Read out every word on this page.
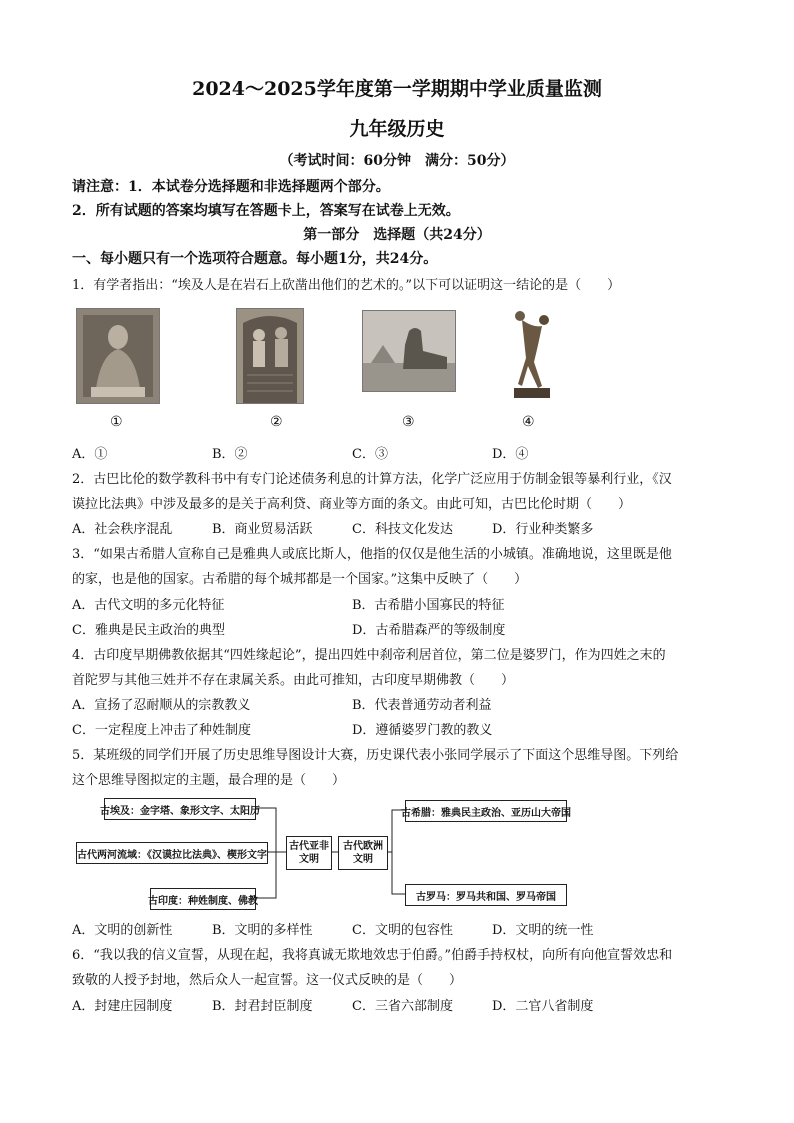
2024～2025学年度第一学期期中学业质量监测
九年级历史
（考试时间：60分钟　满分：50分）
请注意：1．本试卷分选择题和非选择题两个部分。
2．所有试题的答案均填写在答题卡上，答案写在试卷上无效。
第一部分　选择题（共24分）
一、每小题只有一个选项符合题意。每小题1分，共24分。
1．有学者指出：“埃及人是在岩石上砍凿出他们的艺术的。”以下可以证明这一结论的是（　　）
①	②	③	④
A．①	B．②	C．③	D．④
2．古巴比伦的数学教科书中有专门论述债务利息的计算方法，化学广泛应用于仿制金银等暴利行业，《汉
谟拉比法典》中涉及最多的是关于高利贷、商业等方面的条文。由此可知，古巴比伦时期（　　）
A．社会秩序混乱	B．商业贸易活跃	C．科技文化发达	D．行业种类繁多
3．“如果古希腊人宣称自己是雅典人或底比斯人，他指的仅仅是他生活的小城镇。准确地说，这里既是他
的家，也是他的国家。古希腊的每个城邦都是一个国家。”这集中反映了（　　）
A．古代文明的多元化特征	B．古希腊小国寡民的特征
C．雅典是民主政治的典型	D．古希腊森严的等级制度
4．古印度早期佛教依据其“四姓缘起论”，提出四姓中刹帝利居首位，第二位是婆罗门，作为四姓之末的
首陀罗与其他三姓并不存在隶属关系。由此可推知，古印度早期佛教（　　）
A．宣扬了忍耐顺从的宗教教义	B．代表普通劳动者利益
C．一定程度上冲击了种姓制度	D．遵循婆罗门教的教义
5．某班级的同学们开展了历史思维导图设计大赛，历史课代表小张同学展示了下面这个思维导图。下列给
这个思维导图拟定的主题，最合理的是（　　）
古埃及：金字塔、象形文字、太阳历
古代两河流域：《汉谟拉比法典》、楔形文字
古印度：种姓制度、佛教
古代亚非
文明
古代欧洲
文明
古希腊：雅典民主政治、亚历山大帝国
古罗马：罗马共和国、罗马帝国
A．文明的创新性	B．文明的多样性	C．文明的包容性	D．文明的统一性
6．“我以我的信义宣誓，从现在起，我将真诚无欺地效忠于伯爵。”伯爵手持权杖，向所有向他宣誓效忠和
致敬的人授予封地，然后众人一起宣誓。这一仪式反映的是（　　）
A．封建庄园制度	B．封君封臣制度	C．三省六部制度	D．二官八省制度
